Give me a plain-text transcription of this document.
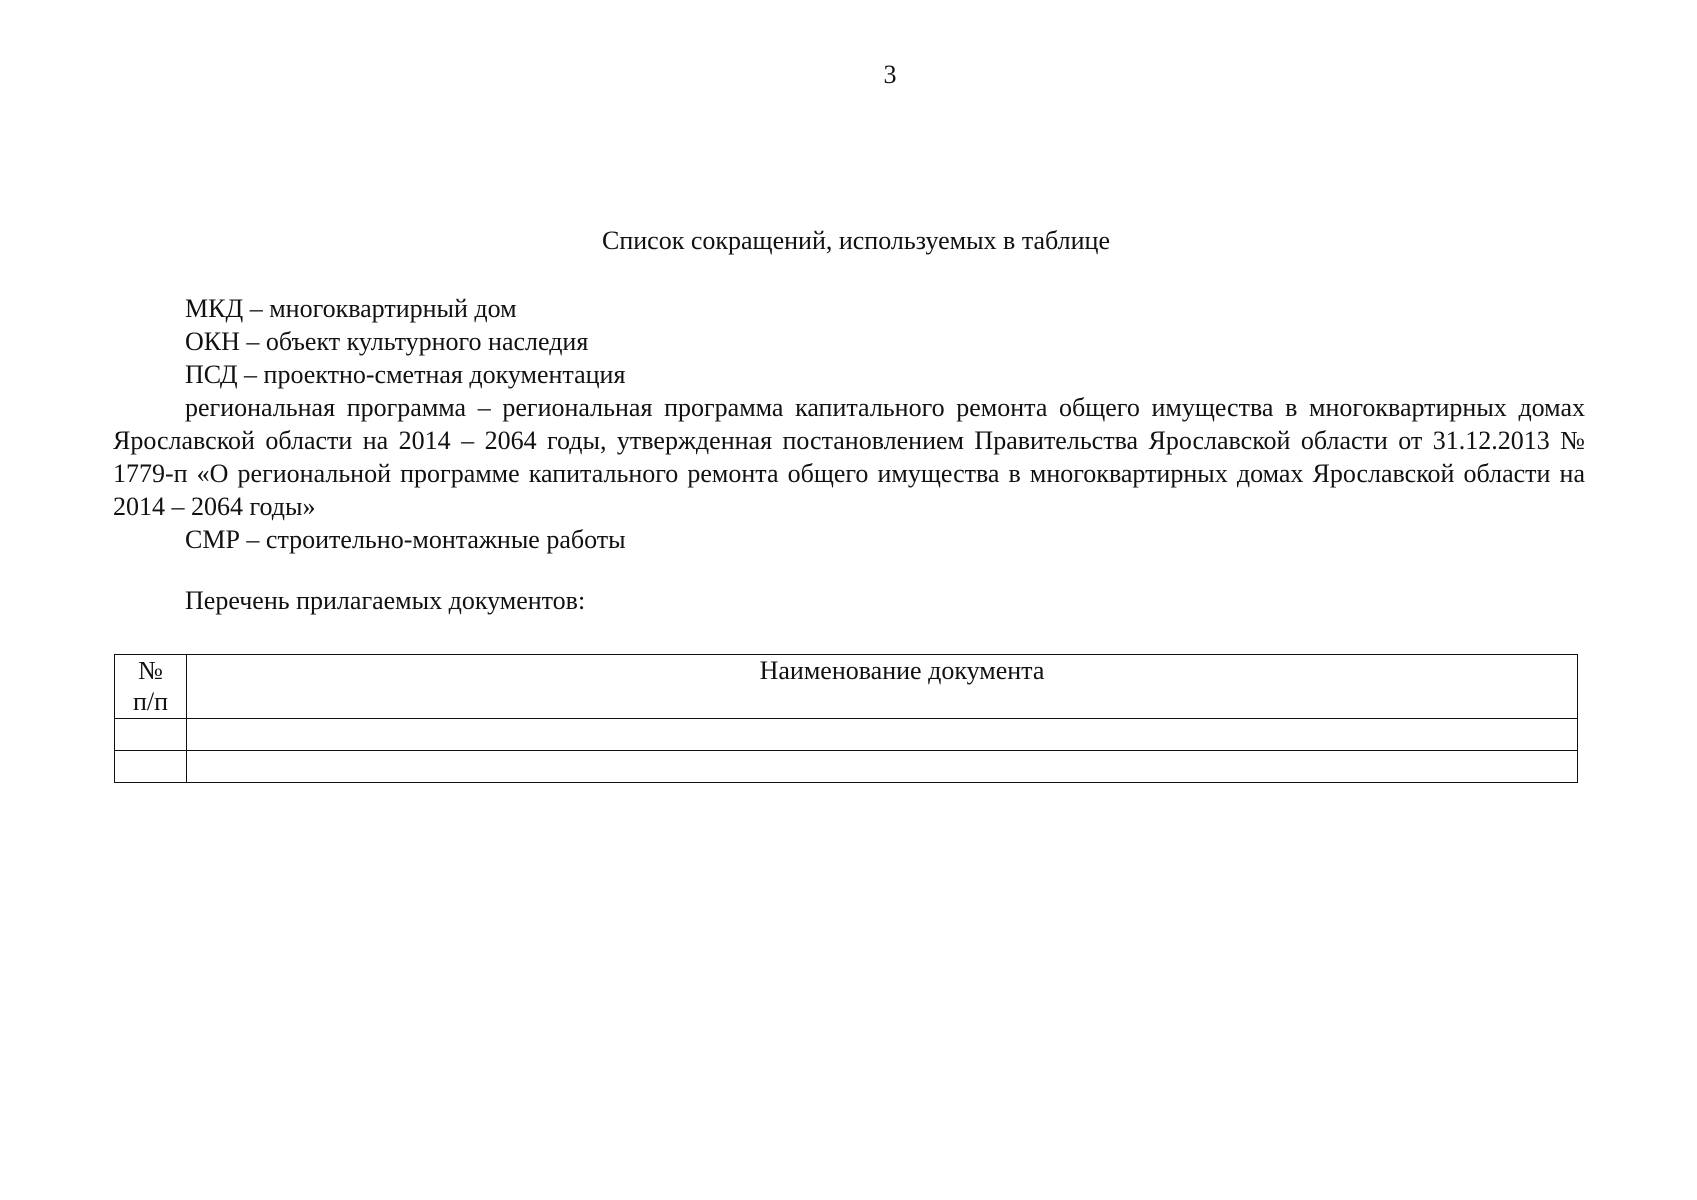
3
Список сокращений, используемых в таблице
МКД – многоквартирный дом
ОКН – объект культурного наследия
ПСД – проектно-сметная документация
региональная программа – региональная программа капитального ремонта общего имущества в многоквартирных домах Ярославской области на 2014 – 2064 годы, утвержденная постановлением Правительства Ярославской области от 31.12.2013 № 1779-п «О региональной программе капитального ремонта общего имущества в многоквартирных домах Ярославской области на 2014 – 2064 годы»
СМР – строительно-монтажные работы
Перечень прилагаемых документов:
№
п/п	Наименование документа
